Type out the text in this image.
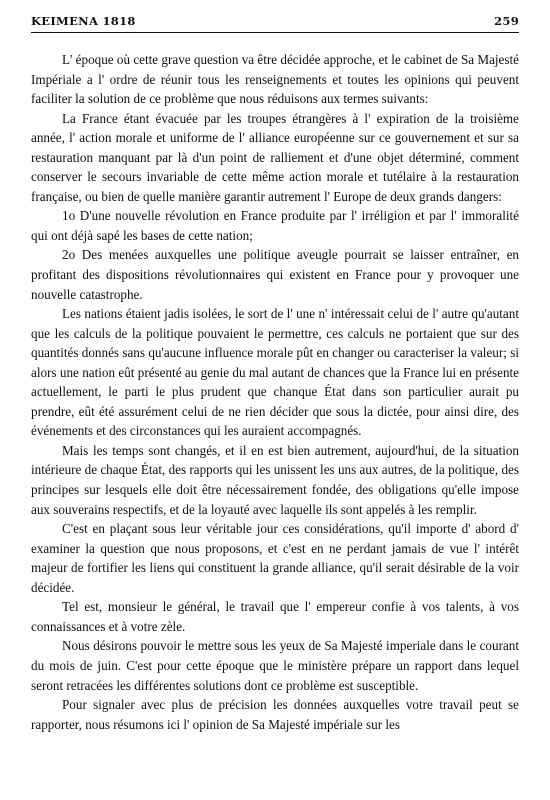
KEIMENA 1818	259

L' époque où cette grave question va être décidée approche, et le cabinet de Sa Majesté Impériale a l' ordre de réunir tous les renseignements et toutes les opinions qui peuvent faciliter la solution de ce problème que nous réduisons aux termes suivants:

La France étant évacuée par les troupes étrangères à l' expiration de la troisième année, l' action morale et uniforme de l' alliance européenne sur ce gouvernement et sur sa restauration manquant par là d'un point de ralliement et d'une objet déterminé, comment conserver le secours invariable de cette même action morale et tutélaire à la restauration française, ou bien de quelle manière garantir autrement l' Europe de deux grands dangers:

1o D'une nouvelle révolution en France produite par l' irréligion et par l' immoralité qui ont déjà sapé les bases de cette nation;

2o Des menées auxquelles une politique aveugle pourrait se laisser entraîner, en profitant des dispositions révolutionnaires qui existent en France pour y provoquer une nouvelle catastrophe.

Les nations étaient jadis isolées, le sort de l' une n' intéressait celui de l' autre qu'autant que les calculs de la politique pouvaient le permettre, ces calculs ne portaient que sur des quantités donnés sans qu'aucune influence morale pût en changer ou caracteriser la valeur; si alors une nation eût présenté au genie du mal autant de chances que la France lui en présente actuellement, le parti le plus prudent que chanque État dans son particulier aurait pu prendre, eût été assurément celui de ne rien décider que sous la dictée, pour ainsi dire, des événements et des circonstances qui les auraient accompagnés.

Mais les temps sont changés, et il en est bien autrement, aujourd'hui, de la situation intérieure de chaque État, des rapports qui les unissent les uns aux autres, de la politique, des principes sur lesquels elle doit être nécessairement fondée, des obligations qu'elle impose aux souverains respectifs, et de la loyauté avec laquelle ils sont appelés à les remplir.

C'est en plaçant sous leur véritable jour ces considérations, qu'il importe d' abord d' examiner la question que nous proposons, et c'est en ne perdant jamais de vue l' intérêt majeur de fortifier les liens qui constituent la grande alliance, qu'il serait désirable de la voir décidée.

Tel est, monsieur le général, le travail que l' empereur confie à vos talents, à vos connaissances et à votre zèle.

Nous désirons pouvoir le mettre sous les yeux de Sa Majesté imperiale dans le courant du mois de juin. C'est pour cette époque que le ministère prépare un rapport dans lequel seront retracées les différentes solutions dont ce problème est susceptible.

Pour signaler avec plus de précision les données auxquelles votre travail peut se rapporter, nous résumons ici l' opinion de Sa Majesté impériale sur les
